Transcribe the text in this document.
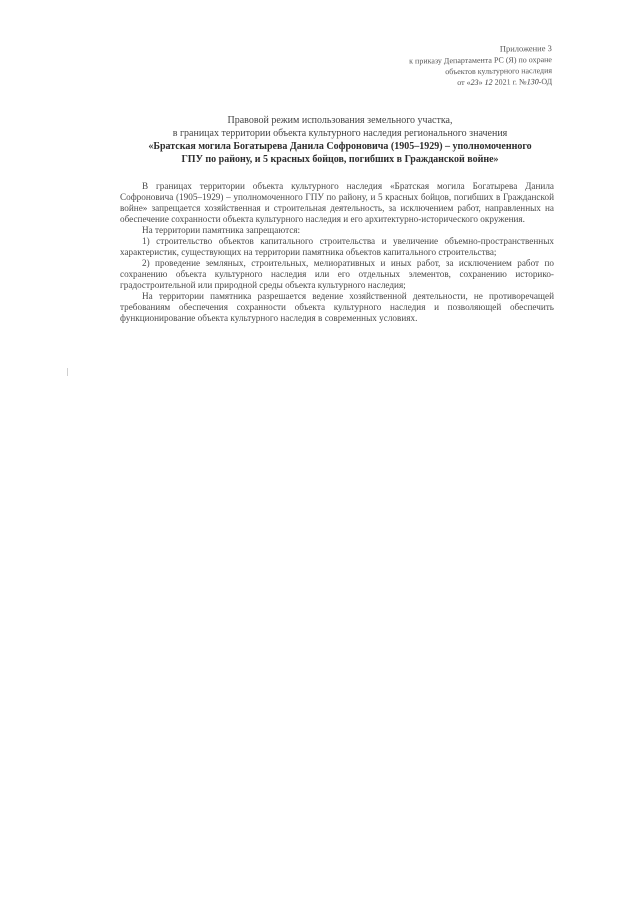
Приложение 3
к приказу Департамента РС (Я) по охране
объектов культурного наследия
от «23» 12 2021 г. №130-ОД
Правовой режим использования земельного участка,
в границах территории объекта культурного наследия регионального значения
«Братская могила Богатырева Данила Софроновича (1905–1929) – уполномоченного
ГПУ по району, и 5 красных бойцов, погибших в Гражданской войне»

В границах территории объекта культурного наследия «Братская могила Богатырева Данила Софроновича (1905–1929) – уполномоченного ГПУ по району, и 5 красных бойцов, погибших в Гражданской войне» запрещается хозяйственная и строительная деятельность, за исключением работ, направленных на обеспечение сохранности объекта культурного наследия и его архитектурно-исторического окружения.

На территории памятника запрещаются:

1) строительство объектов капитального строительства и увеличение объемно-пространственных характеристик, существующих на территории памятника объектов капитального строительства;

2) проведение земляных, строительных, мелиоративных и иных работ, за исключением работ по сохранению объекта культурного наследия или его отдельных элементов, сохранению историко-градостроительной или природной среды объекта культурного наследия;

На территории памятника разрешается ведение хозяйственной деятельности, не противоречащей требованиям обеспечения сохранности объекта культурного наследия и позволяющей обеспечить функционирование объекта культурного наследия в современных условиях.
